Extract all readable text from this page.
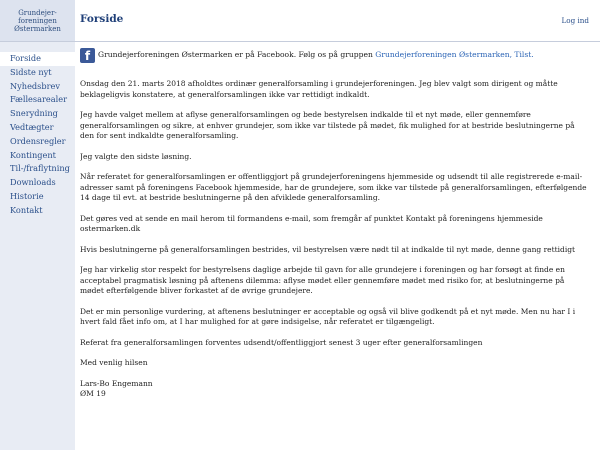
Grundejer-foreningen Østermarken
Forside	Log ind
Forside
Sidste nyt
Nyhedsbrev
Fællesarealer
Snerydning
Vedtægter
Ordensregler
Kontingent
Til-/fraflytning
Downloads
Historie
Kontakt
f	Grundejerforeningen Østermarken er på Facebook. Følg os på gruppen Grundejerforeningen Østermarken, Tilst.

Onsdag den 21. marts 2018 afholdtes ordinær generalforsamling i grundejerforeningen. Jeg blev valgt som dirigent og måtte beklageligvis konstatere, at generalforsamlingen ikke var rettidigt indkaldt.

Jeg havde valget mellem at aflyse generalforsamlingen og bede bestyrelsen indkalde til et nyt møde, eller gennemføre generalforsamlingen og sikre, at enhver grundejer, som ikke var tilstede på mødet, fik mulighed for at bestride beslutningerne på den for sent indkaldte generalforsamling.

Jeg valgte den sidste løsning.

Når referatet for generalforsamlingen er offentliggjort på grundejerforeningens hjemmeside og udsendt til alle registrerede e-mail-adresser samt på foreningens Facebook hjemmeside, har de grundejere, som ikke var tilstede på generalforsamlingen, efterfølgende 14 dage til evt. at bestride beslutningerne på den afviklede generalforsamling.

Det gøres ved at sende en mail herom til formandens e-mail, som fremgår af punktet Kontakt på foreningens hjemmeside ostermarken.dk

Hvis beslutningerne på generalforsamlingen bestrides, vil bestyrelsen være nødt til at indkalde til nyt møde, denne gang rettidigt

Jeg har virkelig stor respekt for bestyrelsens daglige arbejde til gavn for alle grundejere i foreningen og har forsøgt at finde en acceptabel pragmatisk løsning på aftenens dilemma: aflyse mødet eller gennemføre mødet med risiko for, at beslutningerne på mødet efterfølgende bliver forkastet af de øvrige grundejere.

Det er min personlige vurdering, at aftenens beslutninger er acceptable og også vil blive godkendt på et nyt møde. Men nu har I i hvert fald fået info om, at I har mulighed for at gøre indsigelse, når referatet er tilgængeligt.

Referat fra generalforsamlingen forventes udsendt/offentliggjort senest 3 uger efter generalforsamlingen

Med venlig hilsen

Lars-Bo Engemann
ØM 19
